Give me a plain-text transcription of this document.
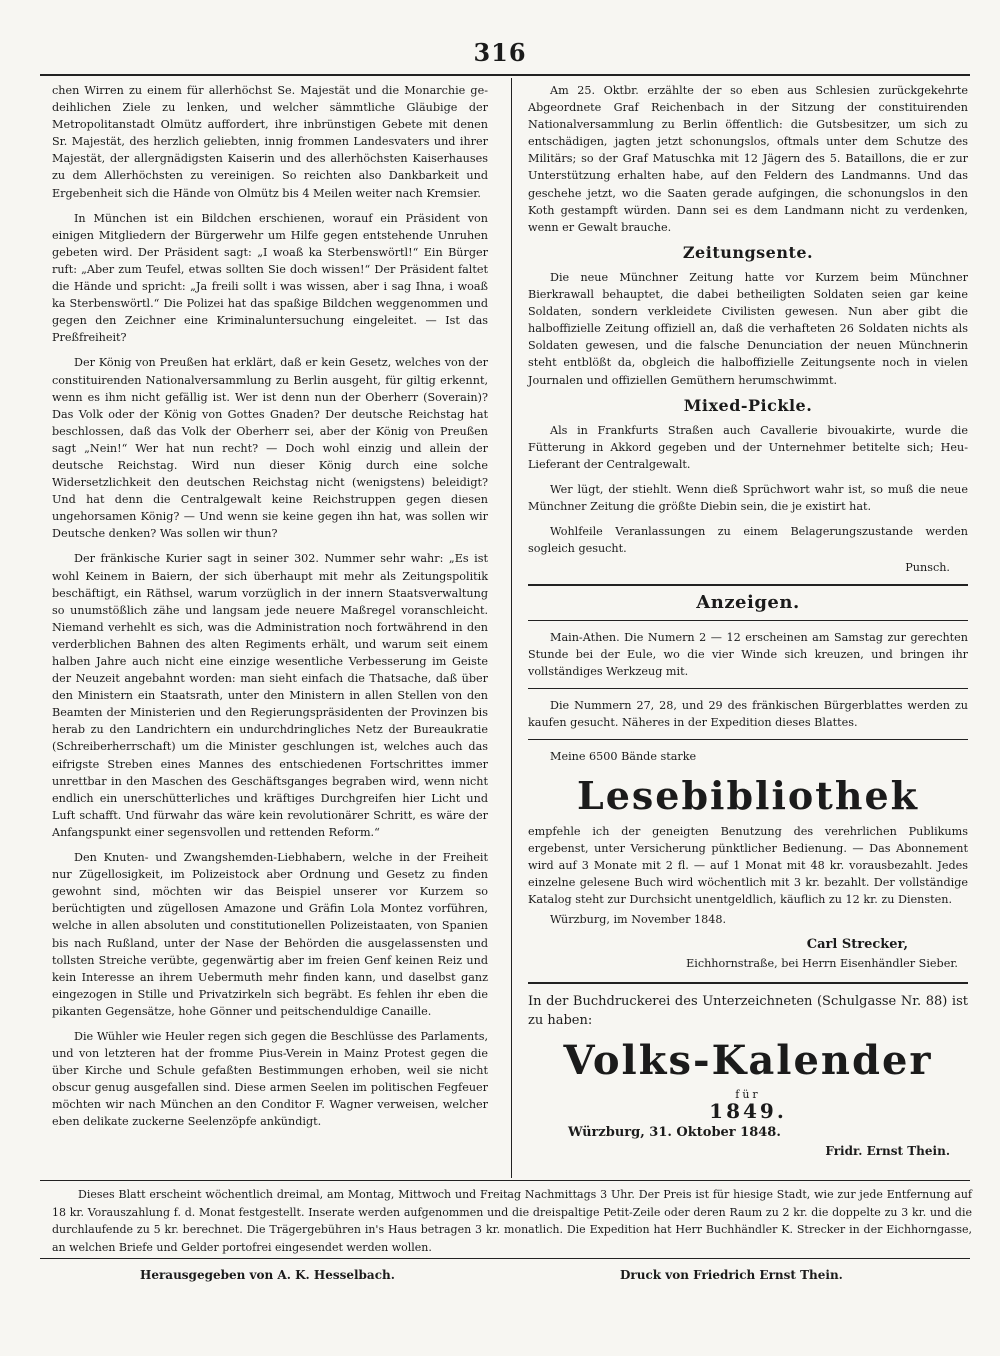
316

chen Wirren zu einem für allerhöchst Se. Majestät und die Monarchie ge-deihlichen Ziele zu lenken, und welcher sämmtliche Gläubige der Metropolitanstadt Olmütz auffordert, ihre inbrünstigen Gebete mit denen Sr. Majestät, des herzlich geliebten, innig frommen Landesvaters und ihrer Majestät, der allergnädigsten Kaiserin und des allerhöchsten Kaiserhauses zu dem Allerhöchsten zu vereinigen. So reichten also Dankbarkeit und Ergebenheit sich die Hände von Olmütz bis 4 Meilen weiter nach Kremsier.

In München ist ein Bildchen erschienen, worauf ein Präsident von einigen Mitgliedern der Bürgerwehr um Hilfe gegen entstehende Unruhen gebeten wird. Der Präsident sagt: „I woaß ka Sterbenswörtl!“ Ein Bürger ruft: „Aber zum Teufel, etwas sollten Sie doch wissen!“ Der Präsident faltet die Hände und spricht: „Ja freili sollt i was wissen, aber i sag Ihna, i woaß ka Sterbenswörtl.“ Die Polizei hat das spaßige Bildchen weggenommen und gegen den Zeichner eine Kriminaluntersuchung eingeleitet. — Ist das Preßfreiheit?

Der König von Preußen hat erklärt, daß er kein Gesetz, welches von der constituirenden Nationalversammlung zu Berlin ausgeht, für giltig erkennt, wenn es ihm nicht gefällig ist. Wer ist denn nun der Oberherr (Soverain)? Das Volk oder der König von Gottes Gnaden? Der deutsche Reichstag hat beschlossen, daß das Volk der Oberherr sei, aber der König von Preußen sagt „Nein!“ Wer hat nun recht? — Doch wohl einzig und allein der deutsche Reichstag. Wird nun dieser König durch eine solche Widersetzlichkeit den deutschen Reichstag nicht (wenigstens) beleidigt? Und hat denn die Centralgewalt keine Reichstruppen gegen diesen ungehorsamen König? — Und wenn sie keine gegen ihn hat, was sollen wir Deutsche denken? Was sollen wir thun?

Der fränkische Kurier sagt in seiner 302. Nummer sehr wahr: „Es ist wohl Keinem in Baiern, der sich überhaupt mit mehr als Zeitungspolitik beschäftigt, ein Räthsel, warum vorzüglich in der innern Staatsverwaltung so unumstößlich zähe und langsam jede neuere Maßregel voranschleicht. Niemand verhehlt es sich, was die Administration noch fortwährend in den verderblichen Bahnen des alten Regiments erhält, und warum seit einem halben Jahre auch nicht eine einzige wesentliche Verbesserung im Geiste der Neuzeit angebahnt worden: man sieht einfach die Thatsache, daß über den Ministern ein Staatsrath, unter den Ministern in allen Stellen von den Beamten der Ministerien und den Regierungspräsidenten der Provinzen bis herab zu den Landrichtern ein undurchdringliches Netz der Bureaukratie (Schreiberherrschaft) um die Minister geschlungen ist, welches auch das eifrigste Streben eines Mannes des entschiedenen Fortschrittes immer unrettbar in den Maschen des Geschäftsganges begraben wird, wenn nicht endlich ein unerschütterliches und kräftiges Durchgreifen hier Licht und Luft schafft. Und fürwahr das wäre kein revolutionärer Schritt, es wäre der Anfangspunkt einer segensvollen und rettenden Reform.“

Den Knuten- und Zwangshemden-Liebhabern, welche in der Freiheit nur Zügellosigkeit, im Polizeistock aber Ordnung und Gesetz zu finden gewohnt sind, möchten wir das Beispiel unserer vor Kurzem so berüchtigten und zügellosen Amazone und Gräfin Lola Montez vorführen, welche in allen absoluten und constitutionellen Polizeistaaten, von Spanien bis nach Rußland, unter der Nase der Behörden die ausgelassensten und tollsten Streiche verübte, gegenwärtig aber im freien Genf keinen Reiz und kein Interesse an ihrem Uebermuth mehr finden kann, und daselbst ganz eingezogen in Stille und Privatzirkeln sich begräbt. Es fehlen ihr eben die pikanten Gegensätze, hohe Gönner und peitschenduldige Canaille.

Die Wühler wie Heuler regen sich gegen die Beschlüsse des Parlaments, und von letzteren hat der fromme Pius-Verein in Mainz Protest gegen die über Kirche und Schule gefaßten Bestimmungen erhoben, weil sie nicht obscur genug ausgefallen sind. Diese armen Seelen im politischen Fegfeuer möchten wir nach München an den Conditor F. Wagner verweisen, welcher eben delikate zuckerne Seelenzöpfe ankündigt.

Am 25. Oktbr. erzählte der so eben aus Schlesien zurückgekehrte Abgeordnete Graf Reichenbach in der Sitzung der constituirenden Nationalversammlung zu Berlin öffentlich: die Gutsbesitzer, um sich zu entschädigen, jagten jetzt schonungslos, oftmals unter dem Schutze des Militärs; so der Graf Matuschka mit 12 Jägern des 5. Bataillons, die er zur Unterstützung erhalten habe, auf den Feldern des Landmanns. Und das geschehe jetzt, wo die Saaten gerade aufgingen, die schonungslos in den Koth gestampft würden. Dann sei es dem Landmann nicht zu verdenken, wenn er Gewalt brauche.

Zeitungsente.

Die neue Münchner Zeitung hatte vor Kurzem beim Münchner Bierkrawall behauptet, die dabei betheiligten Soldaten seien gar keine Soldaten, sondern verkleidete Civilisten gewesen. Nun aber gibt die halboffizielle Zeitung offiziell an, daß die verhafteten 26 Soldaten nichts als Soldaten gewesen, und die falsche Denunciation der neuen Münchnerin steht entblößt da, obgleich die halboffizielle Zeitungsente noch in vielen Journalen und offiziellen Gemüthern herumschwimmt.

Mixed-Pickle.

Als in Frankfurts Straßen auch Cavallerie bivouakirte, wurde die Fütterung in Akkord gegeben und der Unternehmer betitelte sich; Heu-Lieferant der Centralgewalt.

Wer lügt, der stiehlt. Wenn dieß Sprüchwort wahr ist, so muß die neue Münchner Zeitung die größte Diebin sein, die je existirt hat.

Wohlfeile Veranlassungen zu einem Belagerungszustande werden sogleich gesucht.

Punsch.
Anzeigen.

Main-Athen. Die Numern 2 — 12 erscheinen am Samstag zur gerechten Stunde bei der Eule, wo die vier Winde sich kreuzen, und bringen ihr vollständiges Werkzeug mit.

Die Nummern 27, 28, und 29 des fränkischen Bürgerblattes werden zu kaufen gesucht. Näheres in der Expedition dieses Blattes.

Meine 6500 Bände starke

Lesebibliothek

empfehle ich der geneigten Benutzung des verehrlichen Publikums ergebenst, unter Versicherung pünktlicher Bedienung. — Das Abonnement wird auf 3 Monate mit 2 fl. — auf 1 Monat mit 48 kr. vorausbezahlt. Jedes einzelne gelesene Buch wird wöchentlich mit 3 kr. bezahlt. Der vollständige Katalog steht zur Durchsicht unentgeldlich, käuflich zu 12 kr. zu Diensten.

Würzburg, im November 1848.

Carl Strecker,
Eichhornstraße, bei Herrn Eisenhändler Sieber.

In der Buchdruckerei des Unterzeichneten (Schulgasse Nr. 88) ist zu haben:

Volks-Kalender
für
1849.
Würzburg, 31. Oktober 1848.
Fridr. Ernst Thein.
Dieses Blatt erscheint wöchentlich dreimal, am Montag, Mittwoch und Freitag Nachmittags 3 Uhr. Der Preis ist für hiesige Stadt, wie zur jede Entfernung auf 18 kr. Vorauszahlung f. d. Monat festgestellt. Inserate werden aufgenommen und die dreispaltige Petit-Zeile oder deren Raum zu 2 kr. die doppelte zu 3 kr. und die durchlaufende zu 5 kr. berechnet. Die Trägergebühren in's Haus betragen 3 kr. monatlich. Die Expedition hat Herr Buchhändler K. Strecker in der Eichhorngasse, an welchen Briefe und Gelder portofrei eingesendet werden wollen.
Herausgegeben von A. K. Hesselbach.	Druck von Friedrich Ernst Thein.
